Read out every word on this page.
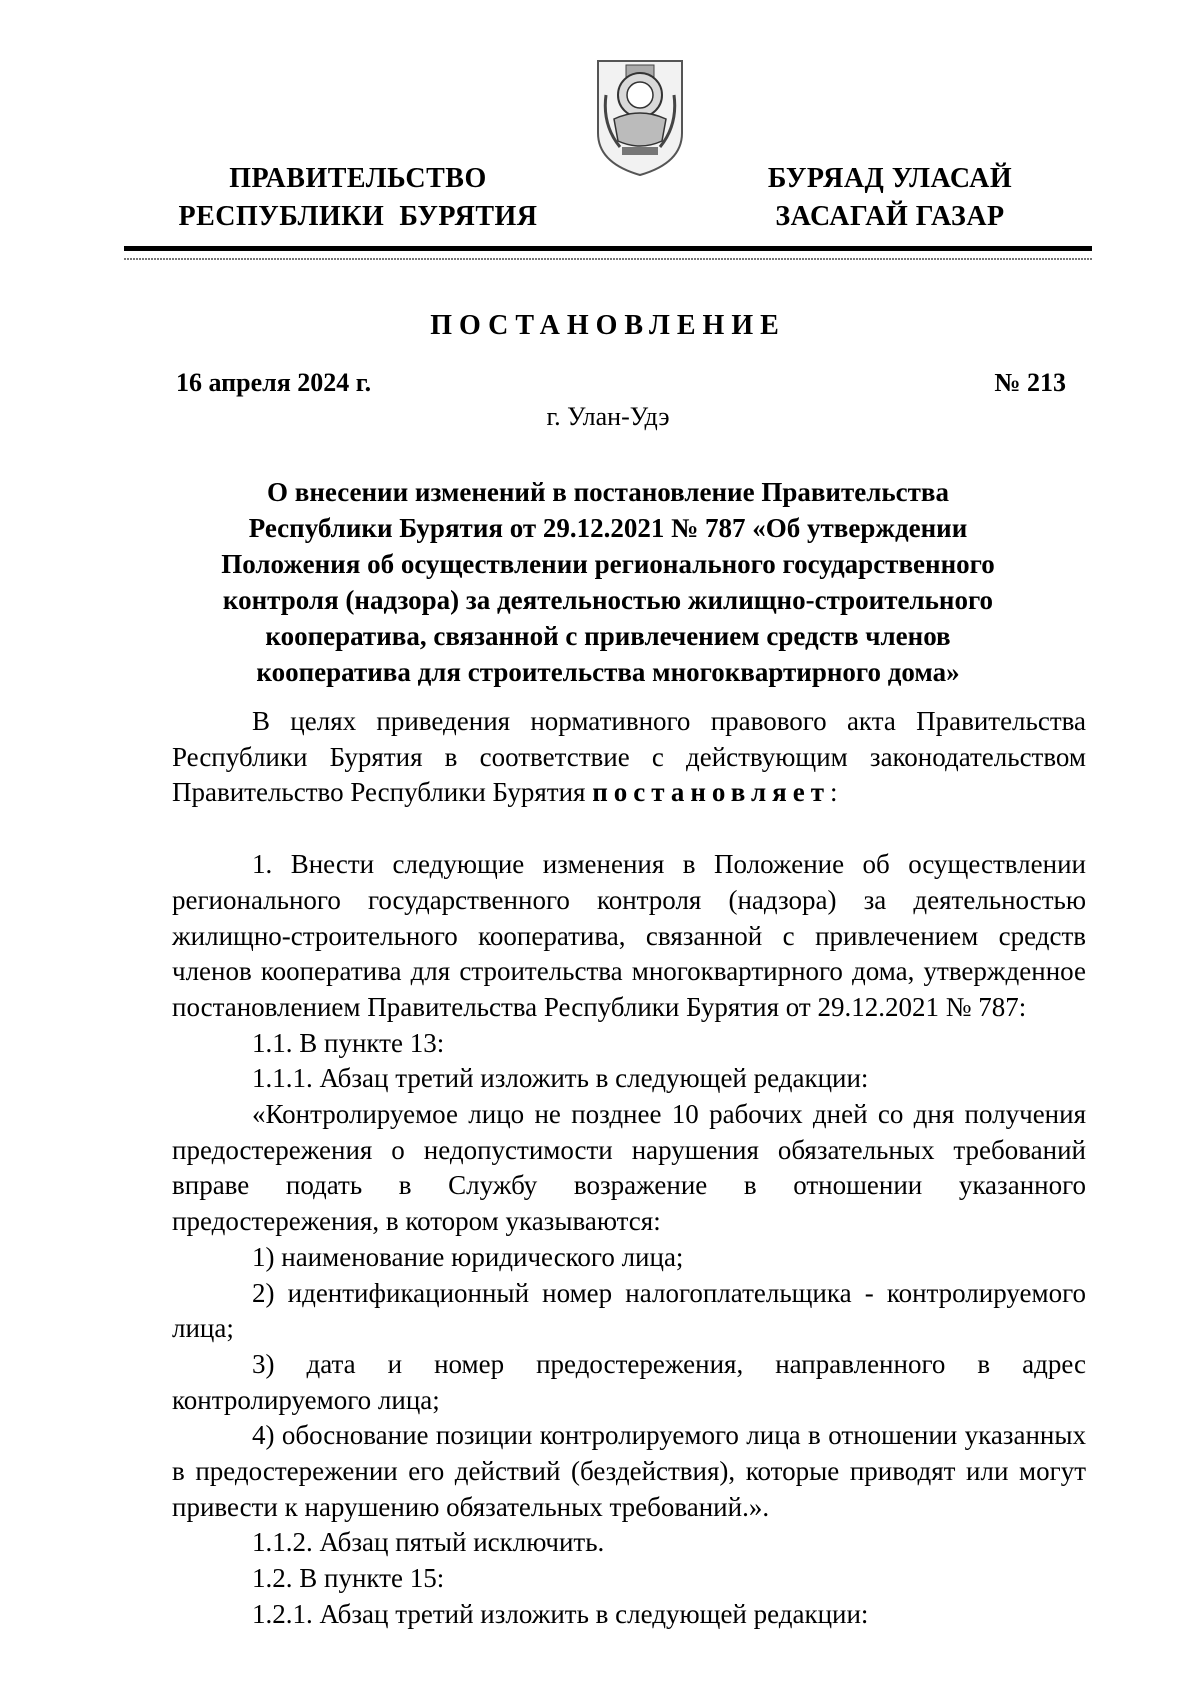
ПРАВИТЕЛЬСТВО
РЕСПУБЛИКИ  БУРЯТИЯ
БУРЯАД УЛАСАЙ
ЗАСАГАЙ ГАЗАР
ПОСТАНОВЛЕНИЕ
16 апреля 2024 г.	№ 213
г. Улан-Удэ
О внесении изменений в постановление Правительства
Республики Бурятия от 29.12.2021 № 787 «Об утверждении
Положения об осуществлении регионального государственного
контроля (надзора) за деятельностью жилищно-строительного
кооператива, связанной с привлечением средств членов
кооператива для строительства многоквартирного дома»

В целях приведения нормативного правового акта Правительства Республики Бурятия в соответствие с действующим законодательством Правительство Республики Бурятия постановляет:

1. Внести следующие изменения в Положение об осуществлении регионального государственного контроля (надзора) за деятельностью жилищно-строительного кооператива, связанной с привлечением средств членов кооператива для строительства многоквартирного дома, утвержденное постановлением Правительства Республики Бурятия от 29.12.2021 № 787:

1.1. В пункте 13:

1.1.1. Абзац третий изложить в следующей редакции:

«Контролируемое лицо не позднее 10 рабочих дней со дня получения предостережения о недопустимости нарушения обязательных требований вправе подать в Службу возражение в отношении указанного предостережения, в котором указываются:

1) наименование юридического лица;

2) идентификационный номер налогоплательщика - контролируемого лица;

3) дата и номер предостережения, направленного в адрес контролируемого лица;

4) обоснование позиции контролируемого лица в отношении указанных в предостережении его действий (бездействия), которые приводят или могут привести к нарушению обязательных требований.».

1.1.2. Абзац пятый исключить.

1.2. В пункте 15:

1.2.1. Абзац третий изложить в следующей редакции:
